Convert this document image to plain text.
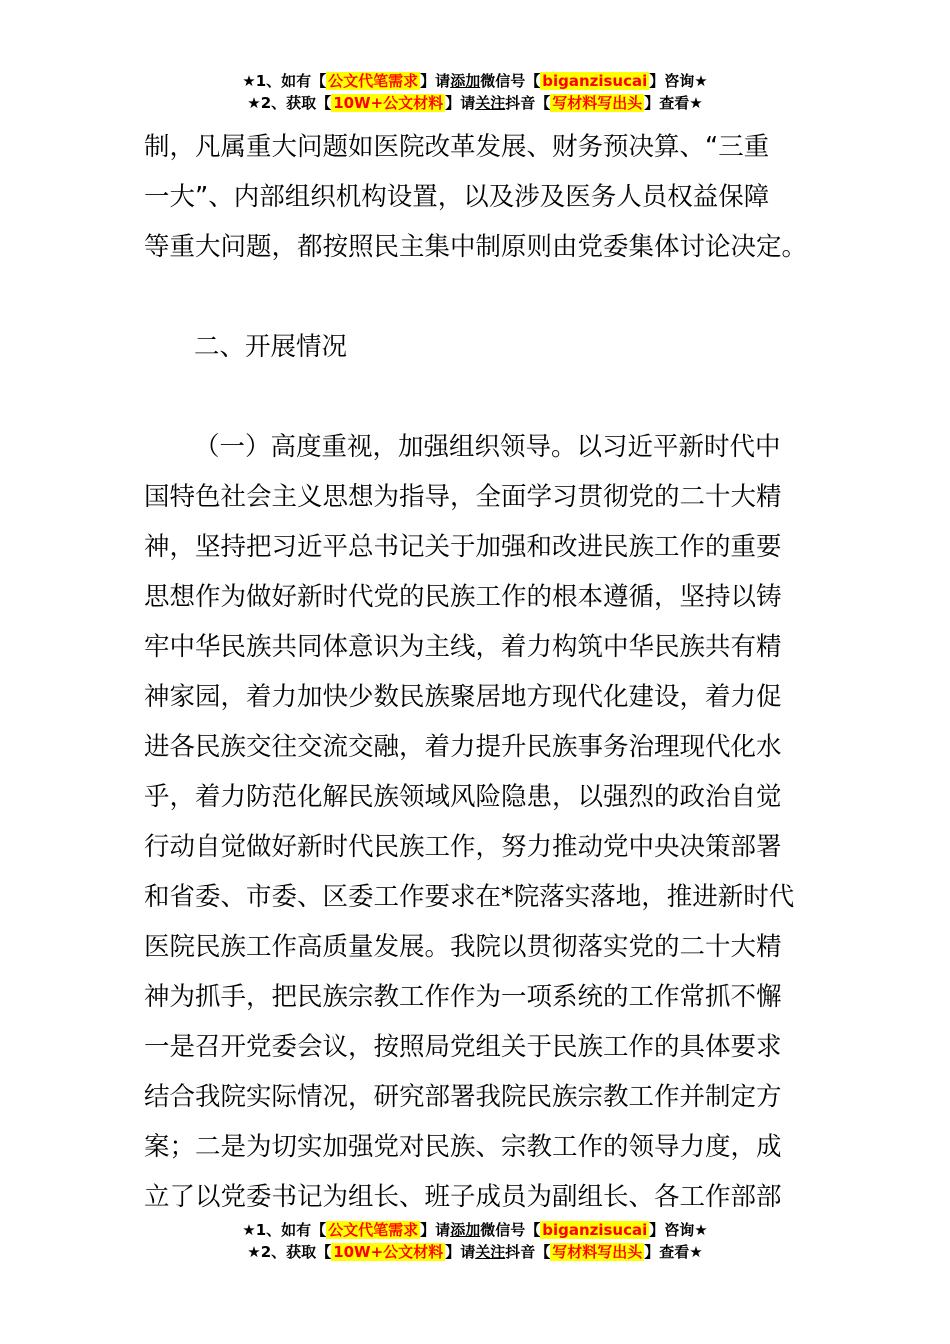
★1、如有【 公文代笔需求 】请添加微信号【 biganzisucai 】咨询★
★2、获取【 10W+公文材料 】请关注抖音【 写材料写出头 】查看★
制，凡属重大问题如医院改革发展、财务预决算、“三重
一大”、内部组织机构设置，以及涉及医务人员权益保障
等重大问题，都按照民主集中制原则由党委集体讨论决定。
二、开展情况
（一）高度重视，加强组织领导。以习近平新时代中
国特色社会主义思想为指导，全面学习贯彻党的二十大精
神，坚持把习近平总书记关于加强和改进民族工作的重要
思想作为做好新时代党的民族工作的根本遵循，坚持以铸
牢中华民族共同体意识为主线，着力构筑中华民族共有精
神家园，着力加快少数民族聚居地方现代化建设，着力促
进各民族交往交流交融，着力提升民族事务治理现代化水
乎，着力防范化解民族领域风险隐患，以强烈的政治自觉
行动自觉做好新时代民族工作，努力推动党中央决策部署
和省委、市委、区委工作要求在*院落实落地，推进新时代
医院民族工作高质量发展。我院以贯彻落实党的二十大精
神为抓手，把民族宗教工作作为一项系统的工作常抓不懈
一是召开党委会议，按照局党组关于民族工作的具体要求
结合我院实际情况，研究部署我院民族宗教工作并制定方
案；二是为切实加强党对民族、宗教工作的领导力度，成
立了以党委书记为组长、班子成员为副组长、各工作部部
★1、如有【 公文代笔需求 】请添加微信号【 biganzisucai 】咨询★
★2、获取【 10W+公文材料 】请关注抖音【 写材料写出头 】查看★
